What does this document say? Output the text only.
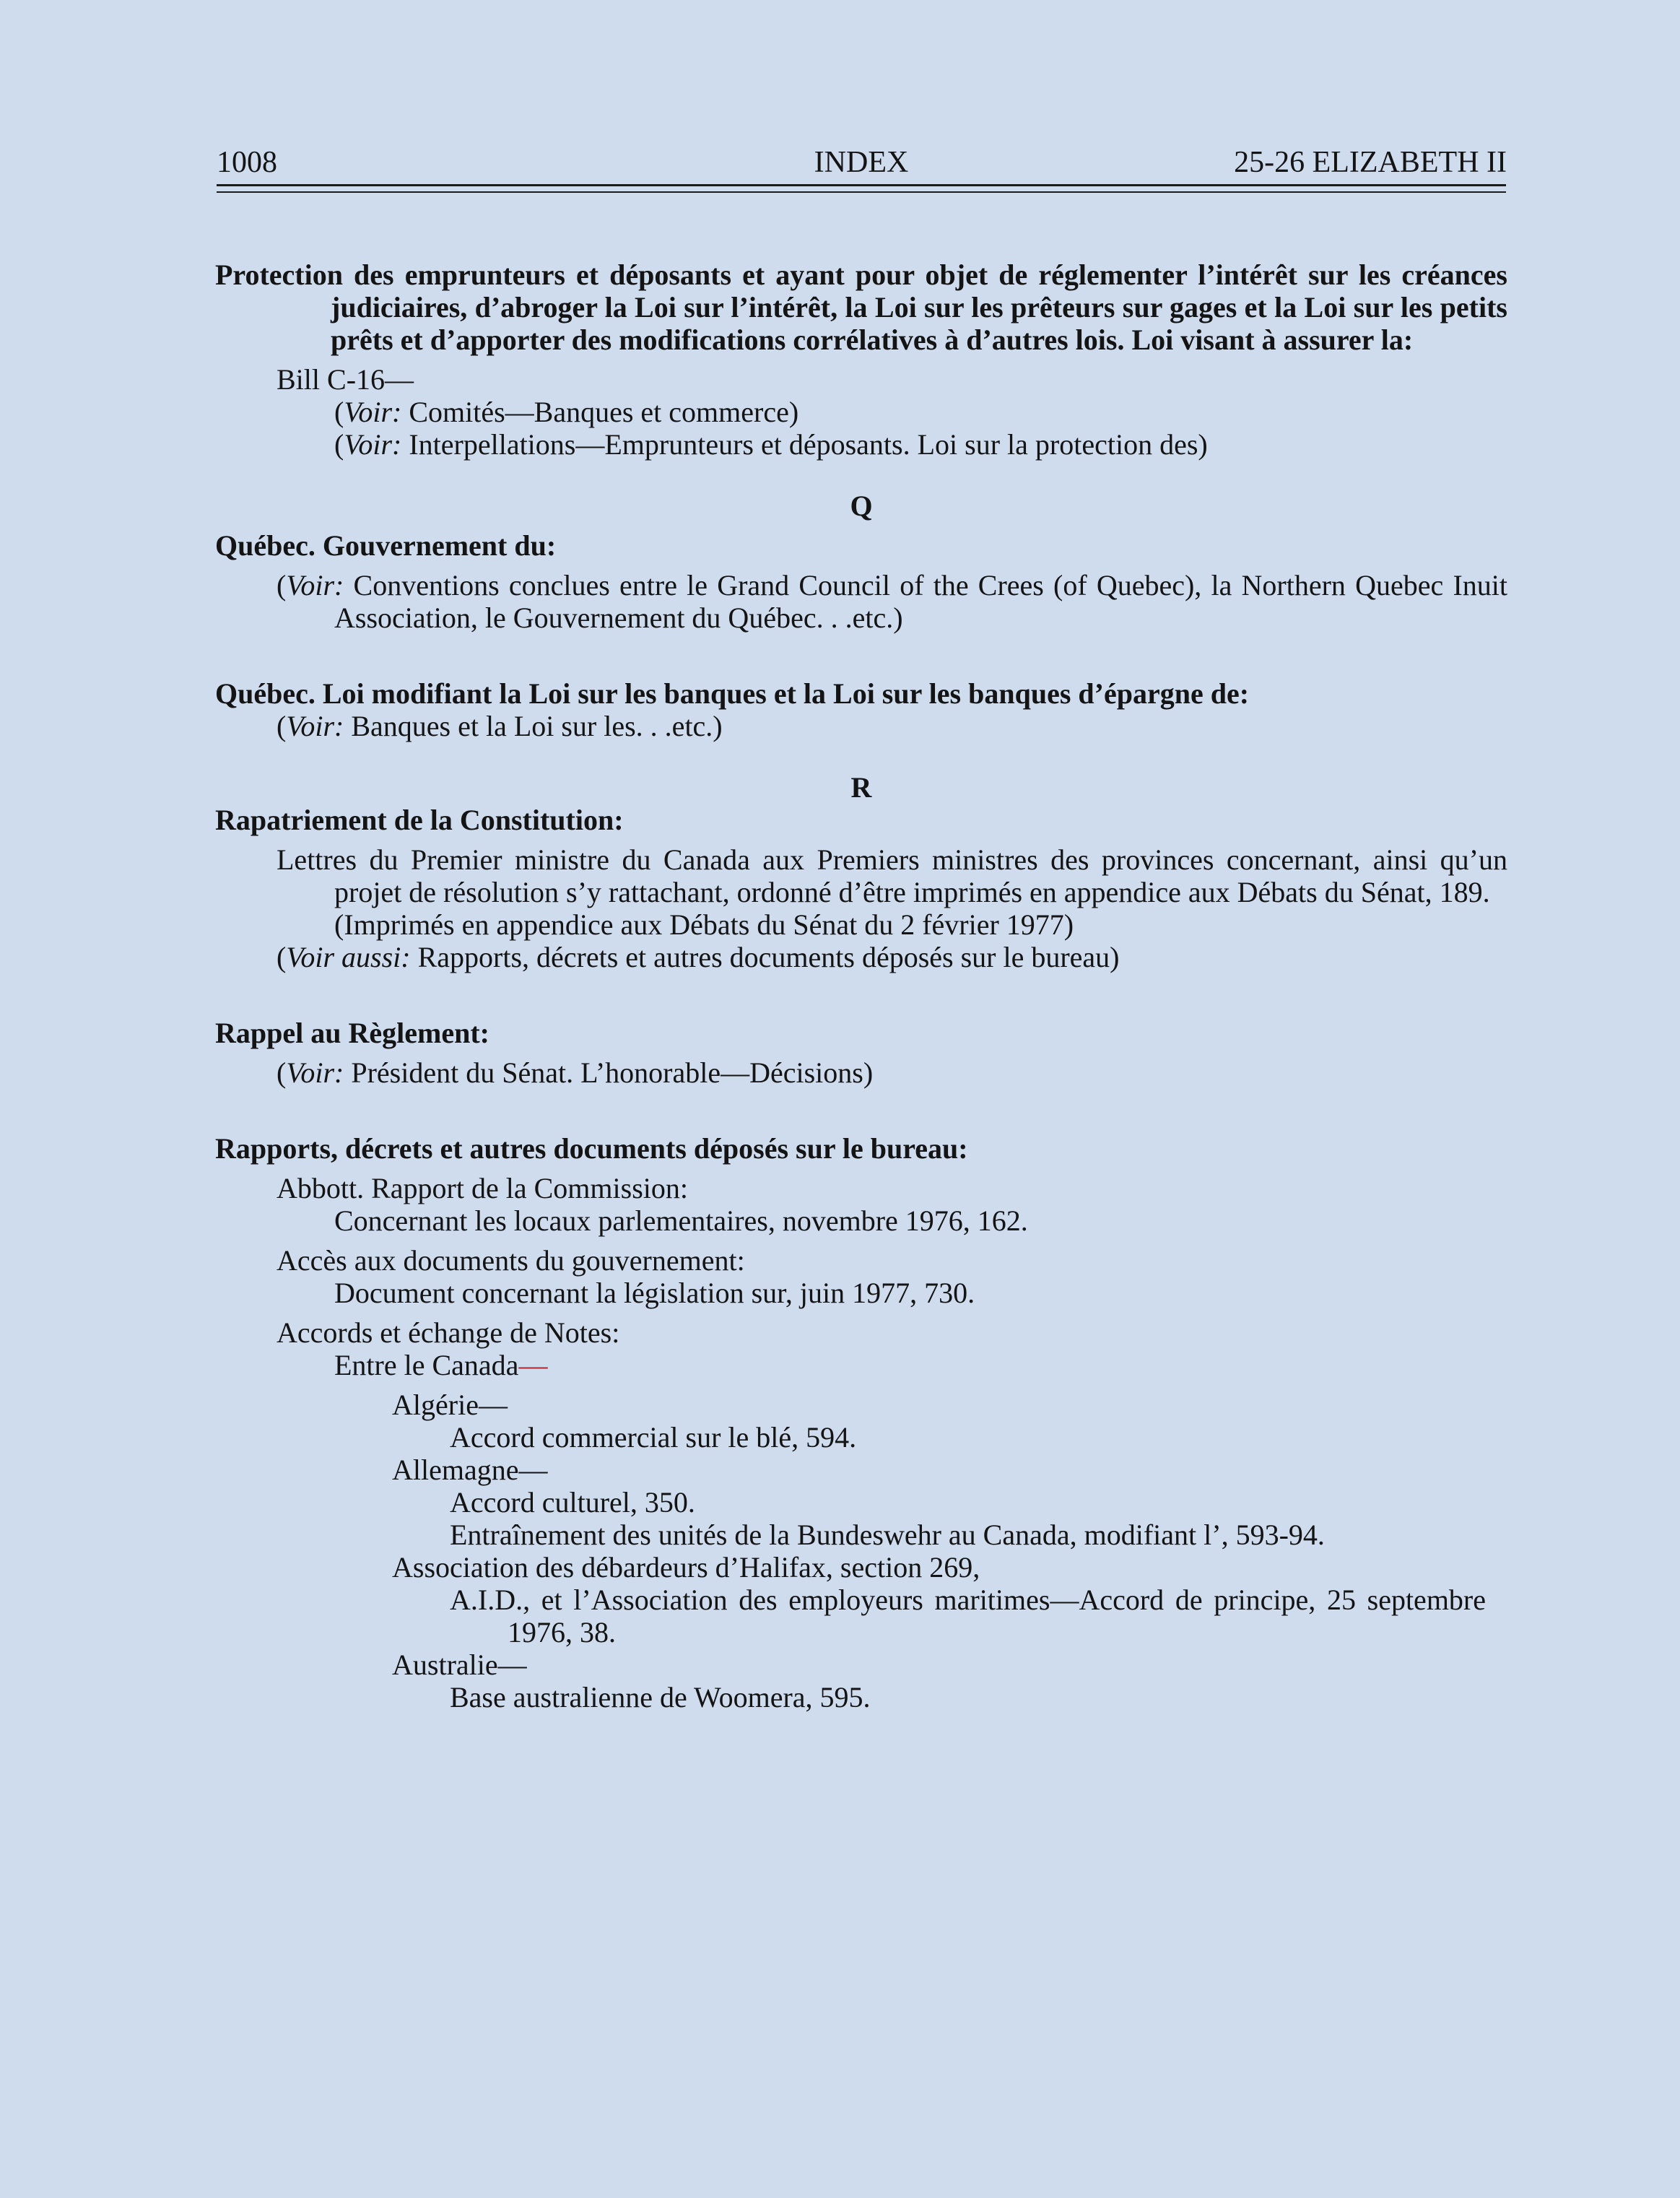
1008	INDEX	25-26 ELIZABETH II

Protection des emprunteurs et déposants et ayant pour objet de réglementer l’intérêt sur les créances judiciaires, d’abroger la Loi sur l’intérêt, la Loi sur les prêteurs sur gages et la Loi sur les petits prêts et d’apporter des modifications corrélatives à d’autres lois. Loi visant à assurer la:

Bill C-16—

(Voir: Comités—Banques et commerce)

(Voir: Interpellations—Emprunteurs et déposants. Loi sur la protection des)

Q

Québec. Gouvernement du:

(Voir: Conventions conclues entre le Grand Council of the Crees (of Quebec), la Northern Quebec Inuit Association, le Gouvernement du Québec. . .etc.)

Québec. Loi modifiant la Loi sur les banques et la Loi sur les banques d’épargne de:

(Voir: Banques et la Loi sur les. . .etc.)

R

Rapatriement de la Constitution:

Lettres du Premier ministre du Canada aux Premiers ministres des provinces concernant, ainsi qu’un projet de résolution s’y rattachant, ordonné d’être imprimés en appendice aux Débats du Sénat, 189.

(Imprimés en appendice aux Débats du Sénat du 2 février 1977)

(Voir aussi: Rapports, décrets et autres documents déposés sur le bureau)

Rappel au Règlement:

(Voir: Président du Sénat. L’honorable—Décisions)

Rapports, décrets et autres documents déposés sur le bureau:

Abbott. Rapport de la Commission:

Concernant les locaux parlementaires, novembre 1976, 162.

Accès aux documents du gouvernement:

Document concernant la législation sur, juin 1977, 730.

Accords et échange de Notes:

Entre le Canada—

Algérie—

Accord commercial sur le blé, 594.

Allemagne—

Accord culturel, 350.

Entraînement des unités de la Bundeswehr au Canada, modifiant l’, 593-94.

Association des débardeurs d’Halifax, section 269,

A.I.D., et l’Association des employeurs maritimes—Accord de principe, 25 septembre 1976, 38.

Australie—

Base australienne de Woomera, 595.
